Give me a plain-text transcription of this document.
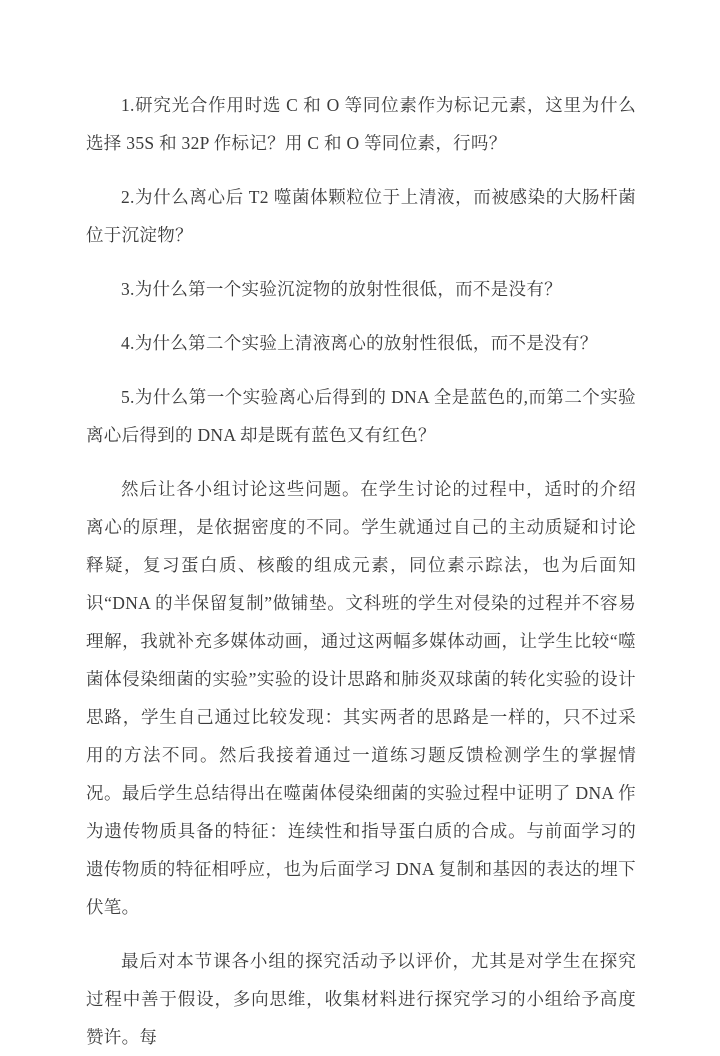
1.研究光合作用时选 C 和 O 等同位素作为标记元素，这里为什么选择 35S 和 32P 作标记？用 C 和 O 等同位素，行吗？

2.为什么离心后 T2 噬菌体颗粒位于上清液，而被感染的大肠杆菌位于沉淀物？

3.为什么第一个实验沉淀物的放射性很低，而不是没有？

4.为什么第二个实验上清液离心的放射性很低，而不是没有？

5.为什么第一个实验离心后得到的 DNA 全是蓝色的,而第二个实验离心后得到的 DNA 却是既有蓝色又有红色？

然后让各小组讨论这些问题。在学生讨论的过程中，适时的介绍离心的原理，是依据密度的不同。学生就通过自己的主动质疑和讨论释疑，复习蛋白质、核酸的组成元素，同位素示踪法，也为后面知识“DNA 的半保留复制”做铺垫。文科班的学生对侵染的过程并不容易理解，我就补充多媒体动画，通过这两幅多媒体动画，让学生比较“噬菌体侵染细菌的实验”实验的设计思路和肺炎双球菌的转化实验的设计思路，学生自己通过比较发现：其实两者的思路是一样的，只不过采用的方法不同。然后我接着通过一道练习题反馈检测学生的掌握情况。最后学生总结得出在噬菌体侵染细菌的实验过程中证明了 DNA 作为遗传物质具备的特征：连续性和指导蛋白质的合成。与前面学习的遗传物质的特征相呼应，也为后面学习 DNA 复制和基因的表达的埋下伏笔。

最后对本节课各小组的探究活动予以评价，尤其是对学生在探究过程中善于假设，多向思维，收集材料进行探究学习的小组给予高度赞许。每
